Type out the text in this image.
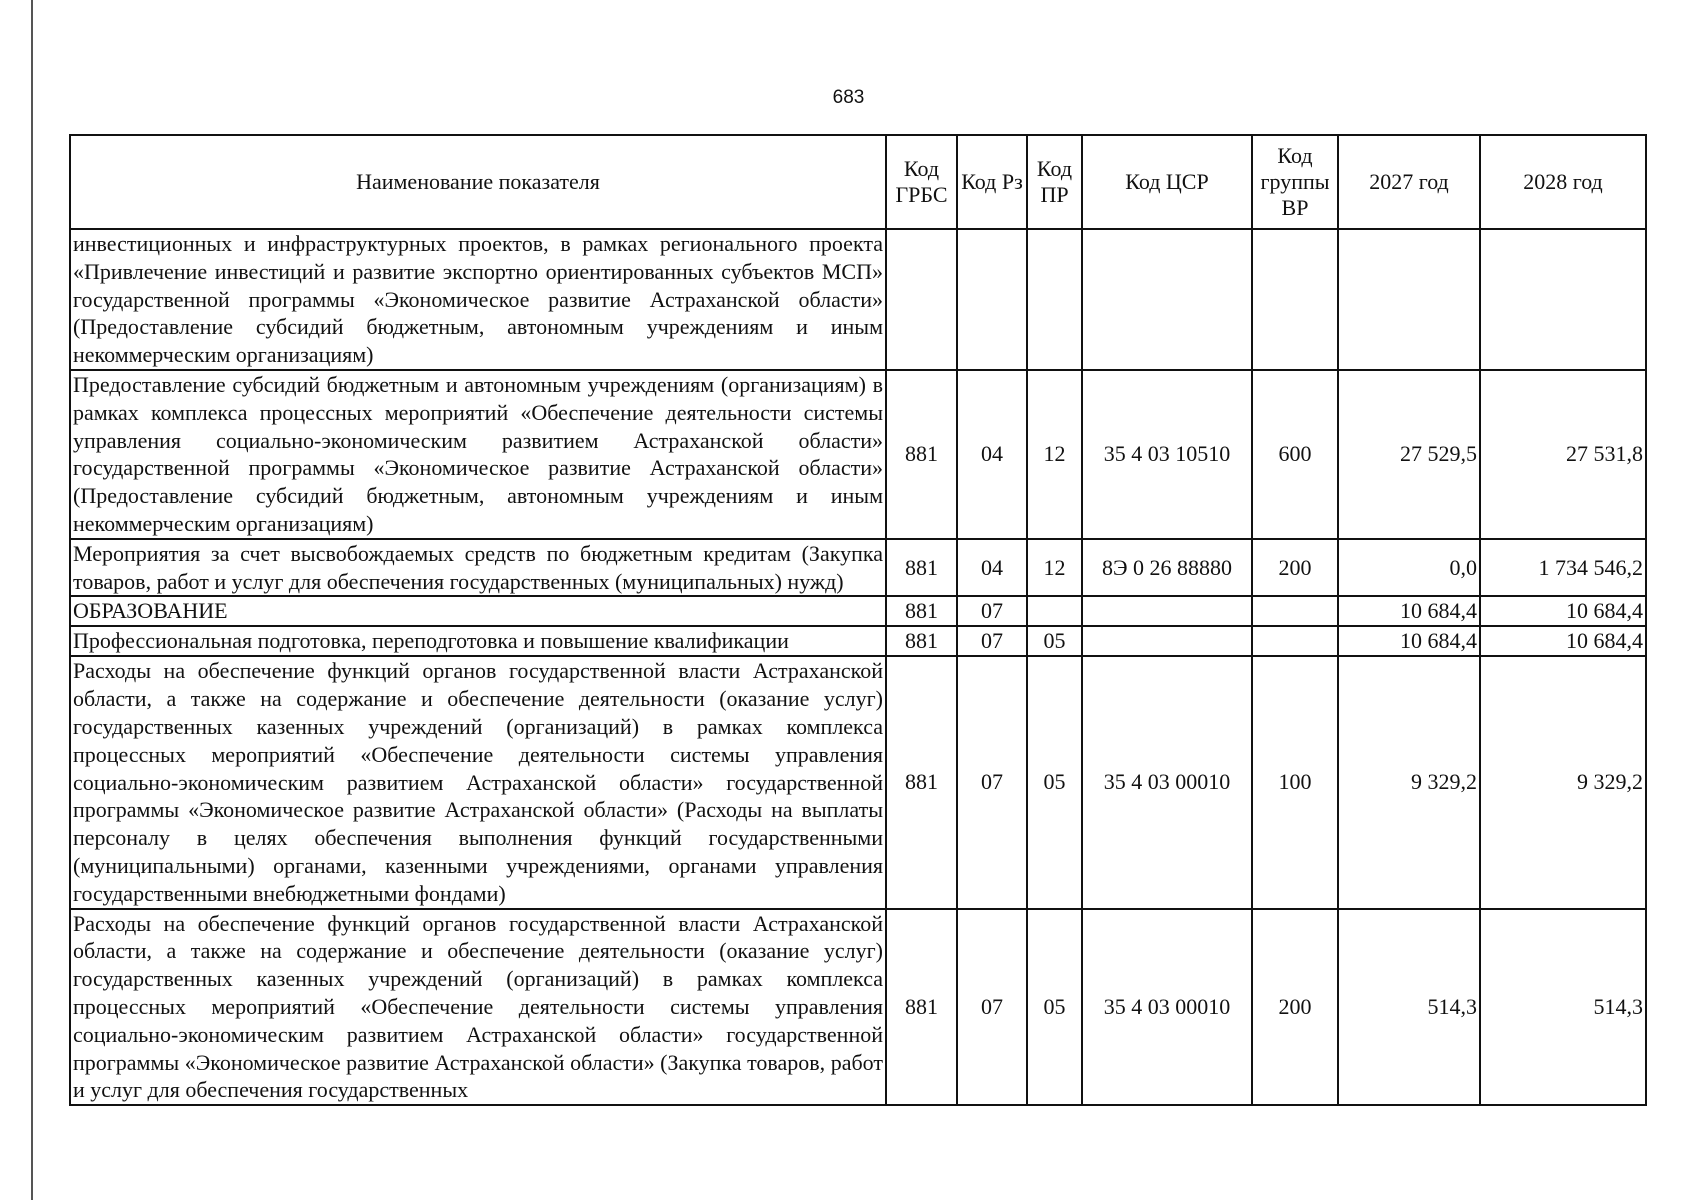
683
Наименование показателя	Код ГРБС	Код Рз	Код ПР	Код ЦСР	Код группы ВР	2027 год	2028 год
инвестиционных и инфраструктурных проектов, в рамках регионального проекта «Привлечение инвестиций и развитие экспортно ориентированных субъектов МСП» государственной программы «Экономическое развитие Астраханской области» (Предоставление субсидий бюджетным, автономным учреждениям и иным некоммерческим организациям)							
Предоставление субсидий бюджетным и автономным учреждениям (организациям) в рамках комплекса процессных мероприятий «Обеспечение деятельности системы управления социально-экономическим развитием Астраханской области» государственной программы «Экономическое развитие Астраханской области» (Предоставление субсидий бюджетным, автономным учреждениям и иным некоммерческим организациям)	881	04	12	35 4 03 10510	600	27 529,5	27 531,8
Мероприятия за счет высвобождаемых средств по бюджетным кредитам (Закупка товаров, работ и услуг для обеспечения государственных (муниципальных) нужд)	881	04	12	8Э 0 26 88880	200	0,0	1 734 546,2
ОБРАЗОВАНИЕ	881	07				10 684,4	10 684,4
Профессиональная подготовка, переподготовка и повышение квалификации	881	07	05			10 684,4	10 684,4
Расходы на обеспечение функций органов государственной власти Астраханской области, а также на содержание и обеспечение деятельности (оказание услуг) государственных казенных учреждений (организаций) в рамках комплекса процессных мероприятий «Обеспечение деятельности системы управления социально-экономическим развитием Астраханской области» государственной программы «Экономическое развитие Астраханской области» (Расходы на выплаты персоналу в целях обеспечения выполнения функций государственными (муниципальными) органами, казенными учреждениями, органами управления государственными внебюджетными фондами)	881	07	05	35 4 03 00010	100	9 329,2	9 329,2
Расходы на обеспечение функций органов государственной власти Астраханской области, а также на содержание и обеспечение деятельности (оказание услуг) государственных казенных учреждений (организаций) в рамках комплекса процессных мероприятий «Обеспечение деятельности системы управления социально-экономическим развитием Астраханской области» государственной программы «Экономическое развитие Астраханской области» (Закупка товаров, работ и услуг для обеспечения государственных	881	07	05	35 4 03 00010	200	514,3	514,3
